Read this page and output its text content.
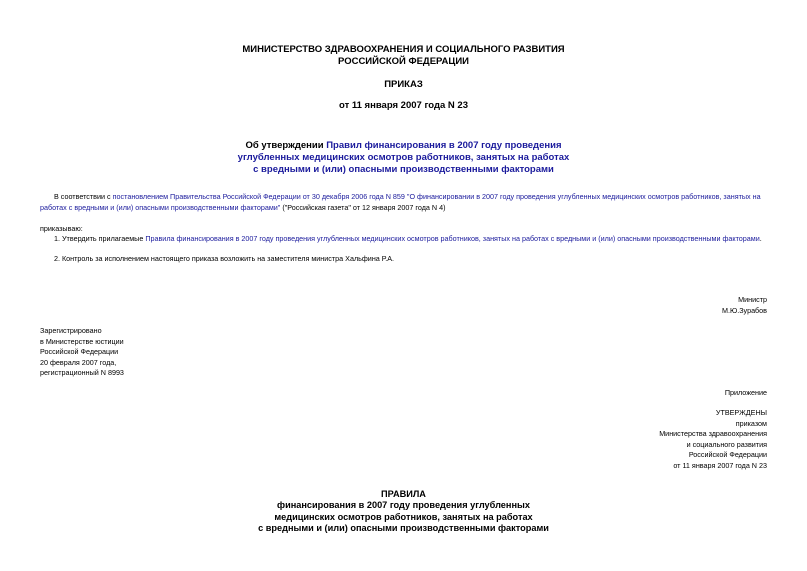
МИНИСТЕРСТВО ЗДРАВООХРАНЕНИЯ И СОЦИАЛЬНОГО РАЗВИТИЯ
РОССИЙСКОЙ ФЕДЕРАЦИИ
ПРИКАЗ
от 11 января 2007 года N 23
Об утверждении Правил финансирования в 2007 году проведения
углубленных медицинских осмотров работников, занятых на работах
с вредными и (или) опасными производственными факторами
В соответствии с постановлением Правительства Российской Федерации от 30 декабря 2006 года N 859 "О финансировании в 2007 году проведения углубленных медицинских осмотров работников, занятых на
работах с вредными и (или) опасными производственными факторами" ("Российская газета" от 12 января 2007 года N 4)
приказываю:
1. Утвердить прилагаемые Правила финансирования в 2007 году проведения углубленных медицинских осмотров работников, занятых на работах с вредными и (или) опасными производственными факторами.
2. Контроль за исполнением настоящего приказа возложить на заместителя министра Хальфина Р.А.
Министр
М.Ю.Зурабов
Зарегистрировано
в Министерстве юстиции
Российской Федерации
20 февраля 2007 года,
регистрационный N 8993
Приложение
УТВЕРЖДЕНЫ
приказом
Министерства здравоохранения
и социального развития
Российской Федерации
от 11 января 2007 года N 23
ПРАВИЛА
финансирования в 2007 году проведения углубленных
медицинских осмотров работников, занятых на работах
с вредными и (или) опасными производственными факторами
